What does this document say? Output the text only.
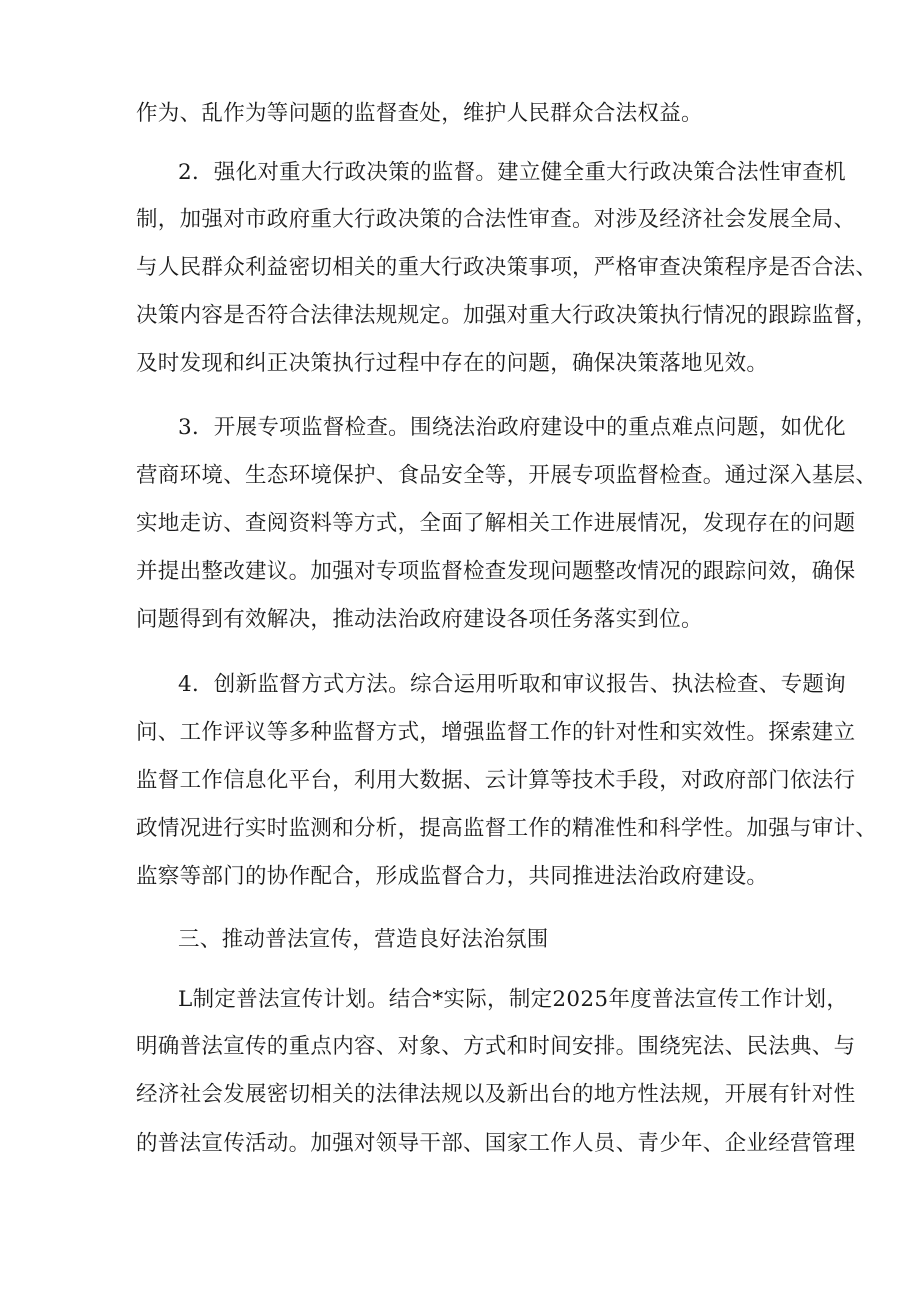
作为、乱作为等问题的监督查处，维护人民群众合法权益。
2．强化对重大行政决策的监督。建立健全重大行政决策合法性审查机
制，加强对市政府重大行政决策的合法性审查。对涉及经济社会发展全局、
与人民群众利益密切相关的重大行政决策事项，严格审查决策程序是否合法、
决策内容是否符合法律法规规定。加强对重大行政决策执行情况的跟踪监督，
及时发现和纠正决策执行过程中存在的问题，确保决策落地见效。
3．开展专项监督检查。围绕法治政府建设中的重点难点问题，如优化
营商环境、生态环境保护、食品安全等，开展专项监督检查。通过深入基层、
实地走访、查阅资料等方式，全面了解相关工作进展情况，发现存在的问题
并提出整改建议。加强对专项监督检查发现问题整改情况的跟踪问效，确保
问题得到有效解决，推动法治政府建设各项任务落实到位。
4．创新监督方式方法。综合运用听取和审议报告、执法检查、专题询
问、工作评议等多种监督方式，增强监督工作的针对性和实效性。探索建立
监督工作信息化平台，利用大数据、云计算等技术手段，对政府部门依法行
政情况进行实时监测和分析，提高监督工作的精准性和科学性。加强与审计、
监察等部门的协作配合，形成监督合力，共同推进法治政府建设。
三、推动普法宣传，营造良好法治氛围
L制定普法宣传计划。结合*实际，制定2025年度普法宣传工作计划，
明确普法宣传的重点内容、对象、方式和时间安排。围绕宪法、民法典、与
经济社会发展密切相关的法律法规以及新出台的地方性法规，开展有针对性
的普法宣传活动。加强对领导干部、国家工作人员、青少年、企业经营管理
